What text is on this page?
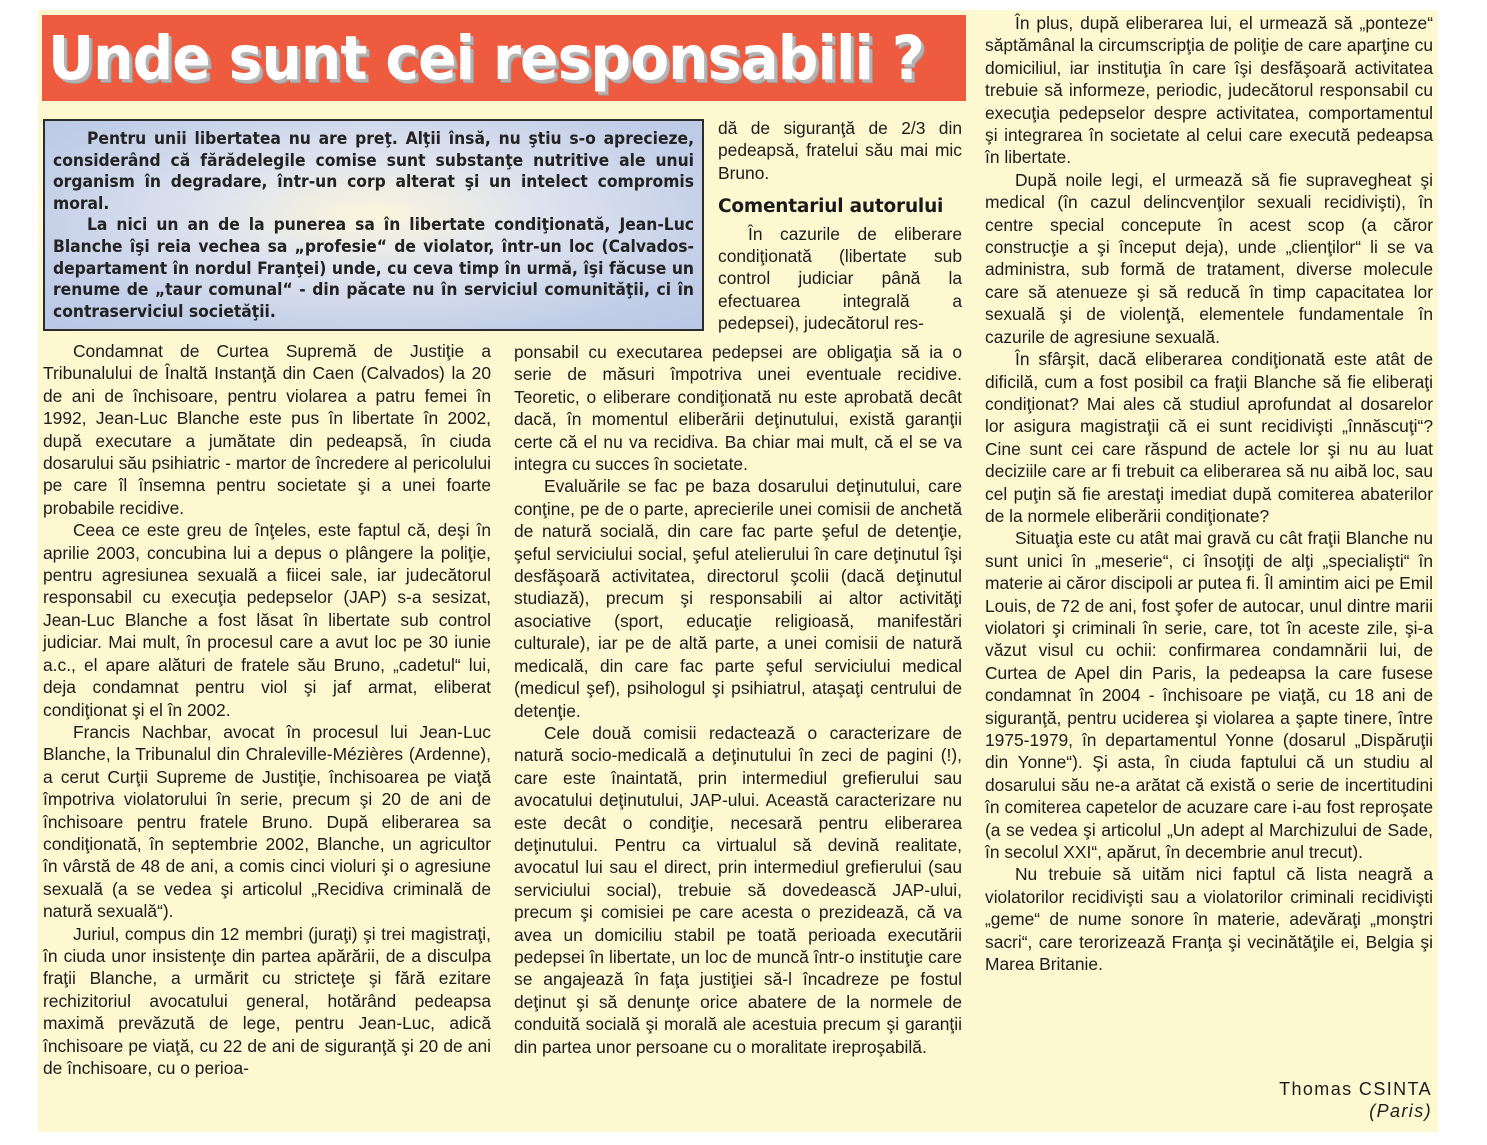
Unde sunt cei responsabili ?

Pentru unii libertatea nu are preţ. Alţii însă, nu ştiu s-o aprecieze, considerând că fărădelegile comise sunt substanţe nutritive ale unui organism în degradare, într-un corp alterat şi un intelect compromis moral.

La nici un an de la punerea sa în libertate condiţionată, Jean-Luc Blanche îşi reia vechea sa „profesie“ de violator, într-un loc (Calvados-departament în nordul Franţei) unde, cu ceva timp în urmă, îşi făcuse un renume de „taur comunal“ - din păcate nu în serviciul comunităţii, ci în contraserviciul societăţii.

Condamnat de Curtea Supremă de Justiţie a Tribunalului de Înaltă Instanţă din Caen (Calvados) la 20 de ani de închisoare, pentru violarea a patru femei în 1992, Jean-Luc Blanche este pus în libertate în 2002, după executare a jumătate din pedeapsă, în ciuda dosarului său psihiatric - martor de încredere al pericolului pe care îl însemna pentru societate şi a unei foarte probabile recidive.

Ceea ce este greu de înţeles, este faptul că, deşi în aprilie 2003, concubina lui a depus o plângere la poliţie, pentru agresiunea sexuală a fiicei sale, iar judecătorul responsabil cu execuţia pedepselor (JAP) s-a sesizat, Jean-Luc Blanche a fost lăsat în libertate sub control judiciar. Mai mult, în procesul care a avut loc pe 30 iunie a.c., el apare alături de fratele său Bruno, „cadetul“ lui, deja condamnat pentru viol şi jaf armat, eliberat condiţionat şi el în 2002.

Francis Nachbar, avocat în procesul lui Jean-Luc Blanche, la Tribunalul din Chraleville-Mézières (Ardenne), a cerut Curţii Supreme de Justiţie, închisoarea pe viaţă împotriva violatorului în serie, precum şi 20 de ani de închisoare pentru fratele Bruno. După eliberarea sa condiţionată, în septembrie 2002, Blanche, un agricultor în vârstă de 48 de ani, a comis cinci violuri şi o agresiune sexuală (a se vedea şi articolul „Recidiva criminală de natură sexuală“).

Juriul, compus din 12 membri (juraţi) şi trei magistraţi, în ciuda unor insistenţe din partea apărării, de a disculpa fraţii Blanche, a urmărit cu stricteţe şi fără ezitare rechizitoriul avocatului general, hotărând pedeapsa maximă prevăzută de lege, pentru Jean-Luc, adică închisoare pe viaţă, cu 22 de ani de siguranţă şi 20 de ani de închisoare, cu o perioa-

dă de siguranţă de 2/3 din pedeapsă, fratelui său mai mic Bruno.

Comentariul autorului

În cazurile de eliberare condiţionată (libertate sub control judiciar până la efectuarea integrală a pedepsei), judecătorul res-

ponsabil cu executarea pedepsei are obligaţia să ia o serie de măsuri împotriva unei eventuale recidive. Teoretic, o eliberare condiţionată nu este aprobată decât dacă, în momentul eliberării deţinutului, există garanţii certe că el nu va recidiva. Ba chiar mai mult, că el se va integra cu succes în societate.

Evaluările se fac pe baza dosarului deţinutului, care conţine, pe de o parte, aprecierile unei comisii de anchetă de natură socială, din care fac parte şeful de detenţie, şeful serviciului social, şeful atelierului în care deţinutul îşi desfăşoară activitatea, directorul şcolii (dacă deţinutul studiază), precum şi responsabili ai altor activităţi asociative (sport, educaţie religioasă, manifestări culturale), iar pe de altă parte, a unei comisii de natură medicală, din care fac parte şeful serviciului medical (medicul şef), psihologul şi psihiatrul, ataşaţi centrului de detenţie.

Cele două comisii redactează o caracterizare de natură socio-medicală a deţinutului în zeci de pagini (!), care este înaintată, prin intermediul grefierului sau avocatului deţinutului, JAP-ului. Această caracterizare nu este decât o condiţie, necesară pentru eliberarea deţinutului. Pentru ca virtualul să devină realitate, avocatul lui sau el direct, prin intermediul grefierului (sau serviciului social), trebuie să dovedească JAP-ului, precum şi comisiei pe care acesta o prezidează, că va avea un domiciliu stabil pe toată perioada executării pedepsei în libertate, un loc de muncă într-o instituţie care se angajează în faţa justiţiei să-l încadreze pe fostul deţinut şi să denunţe orice abatere de la normele de conduită socială şi morală ale acestuia precum şi garanţii din partea unor persoane cu o moralitate ireproşabilă.

În plus, după eliberarea lui, el urmează să „ponteze“ săptămânal la circumscripţia de poliţie de care aparţine cu domiciliul, iar instituţia în care îşi desfăşoară activitatea trebuie să informeze, periodic, judecătorul responsabil cu execuţia pedepselor despre activitatea, comportamentul şi integrarea în societate al celui care execută pedeapsa în libertate.

După noile legi, el urmează să fie supravegheat şi medical (în cazul delincvenţilor sexuali recidivişti), în centre special concepute în acest scop (a căror construcţie a şi început deja), unde „clienţilor“ li se va administra, sub formă de tratament, diverse molecule care să atenueze şi să reducă în timp capacitatea lor sexuală şi de violenţă, elementele fundamentale în cazurile de agresiune sexuală.

În sfârşit, dacă eliberarea condiţionată este atât de dificilă, cum a fost posibil ca fraţii Blanche să fie eliberaţi condiţionat? Mai ales că studiul aprofundat al dosarelor lor asigura magistraţii că ei sunt recidivişti „înnăscuţi“? Cine sunt cei care răspund de actele lor şi nu au luat deciziile care ar fi trebuit ca eliberarea să nu aibă loc, sau cel puţin să fie arestaţi imediat după comiterea abaterilor de la normele eliberării condiţionate?

Situaţia este cu atât mai gravă cu cât fraţii Blanche nu sunt unici în „meserie“, ci însoţiţi de alţi „specialişti“ în materie ai căror discipoli ar putea fi. Îl amintim aici pe Emil Louis, de 72 de ani, fost şofer de autocar, unul dintre marii violatori şi criminali în serie, care, tot în aceste zile, şi-a văzut visul cu ochii: confirmarea condamnării lui, de Curtea de Apel din Paris, la pedeapsa la care fusese condamnat în 2004 - închisoare pe viaţă, cu 18 ani de siguranţă, pentru uciderea şi violarea a şapte tinere, între 1975-1979, în departamentul Yonne (dosarul „Dispăruţii din Yonne“). Şi asta, în ciuda faptului că un studiu al dosarului său ne-a arătat că există o serie de incertitudini în comiterea capetelor de acuzare care i-au fost reproşate (a se vedea şi articolul „Un adept al Marchizului de Sade, în secolul XXI“, apărut, în decembrie anul trecut).

Nu trebuie să uităm nici faptul că lista neagră a violatorilor recidivişti sau a violatorilor criminali recidivişti „geme“ de nume sonore în materie, adevăraţi „monştri sacri“, care terorizează Franţa şi vecinătăţile ei, Belgia şi Marea Britanie.

Thomas CSINTA
(Paris)
